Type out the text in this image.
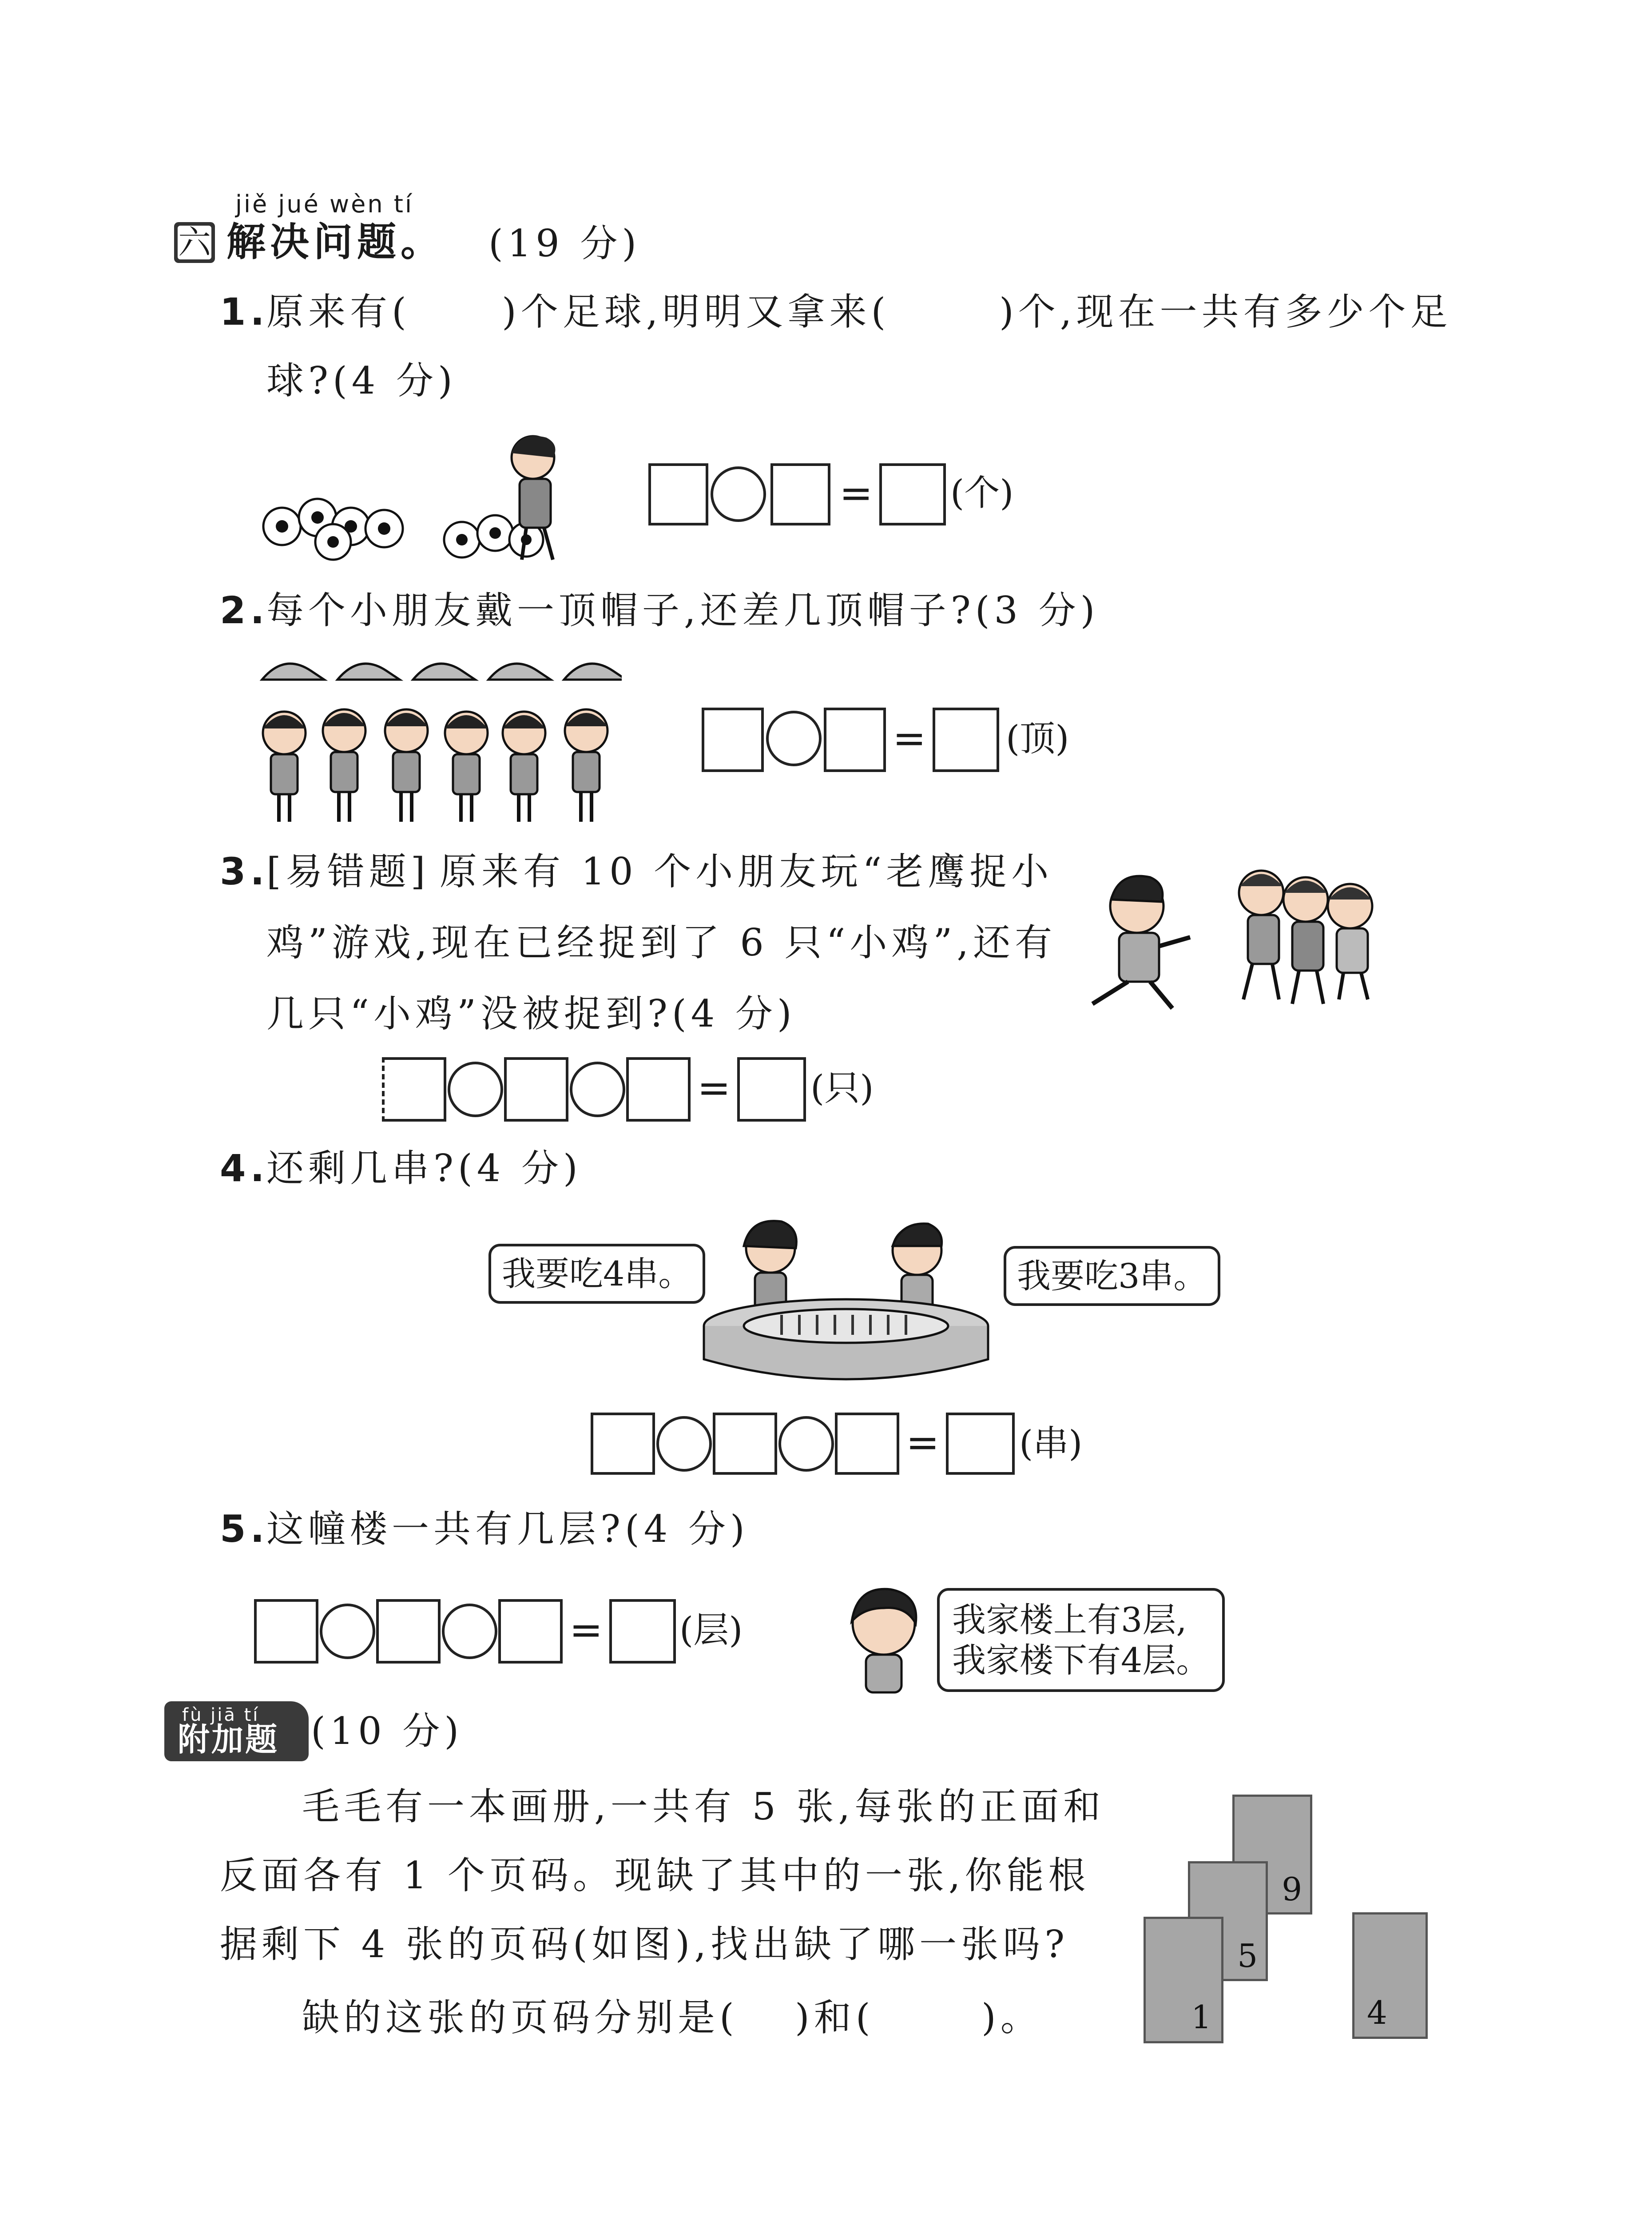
jiě jué wèn tí
六 解决问题。 (19 分)
1.
原来有( )个足球,明明又拿来(	)个,现在一共有多少个足
球?(4 分)
= (个)
2.
每个小朋友戴一顶帽子,还差几顶帽子?(3 分)
= (顶)
3.
[易错题] 原来有 10 个小朋友玩“老鹰捉小
鸡”游戏,现在已经捉到了 6 只“小鸡”,还有
几只“小鸡”没被捉到?(4 分)
= (只)
4.
还剩几串?(4 分)
我要吃4串。	我要吃3串。
= (串)
5.
这幢楼一共有几层?(4 分)
= (层)	我家楼上有3层,
我家楼下有4层。
fù jiā tí
附加题 (10 分)
毛毛有一本画册,一共有 5 张,每张的正面和
反面各有 1 个页码。现缺了其中的一张,你能根
据剩下 4 张的页码(如图),找出缺了哪一张吗?
缺的这张的页码分别是( )和(	)。
9
5
1	4
